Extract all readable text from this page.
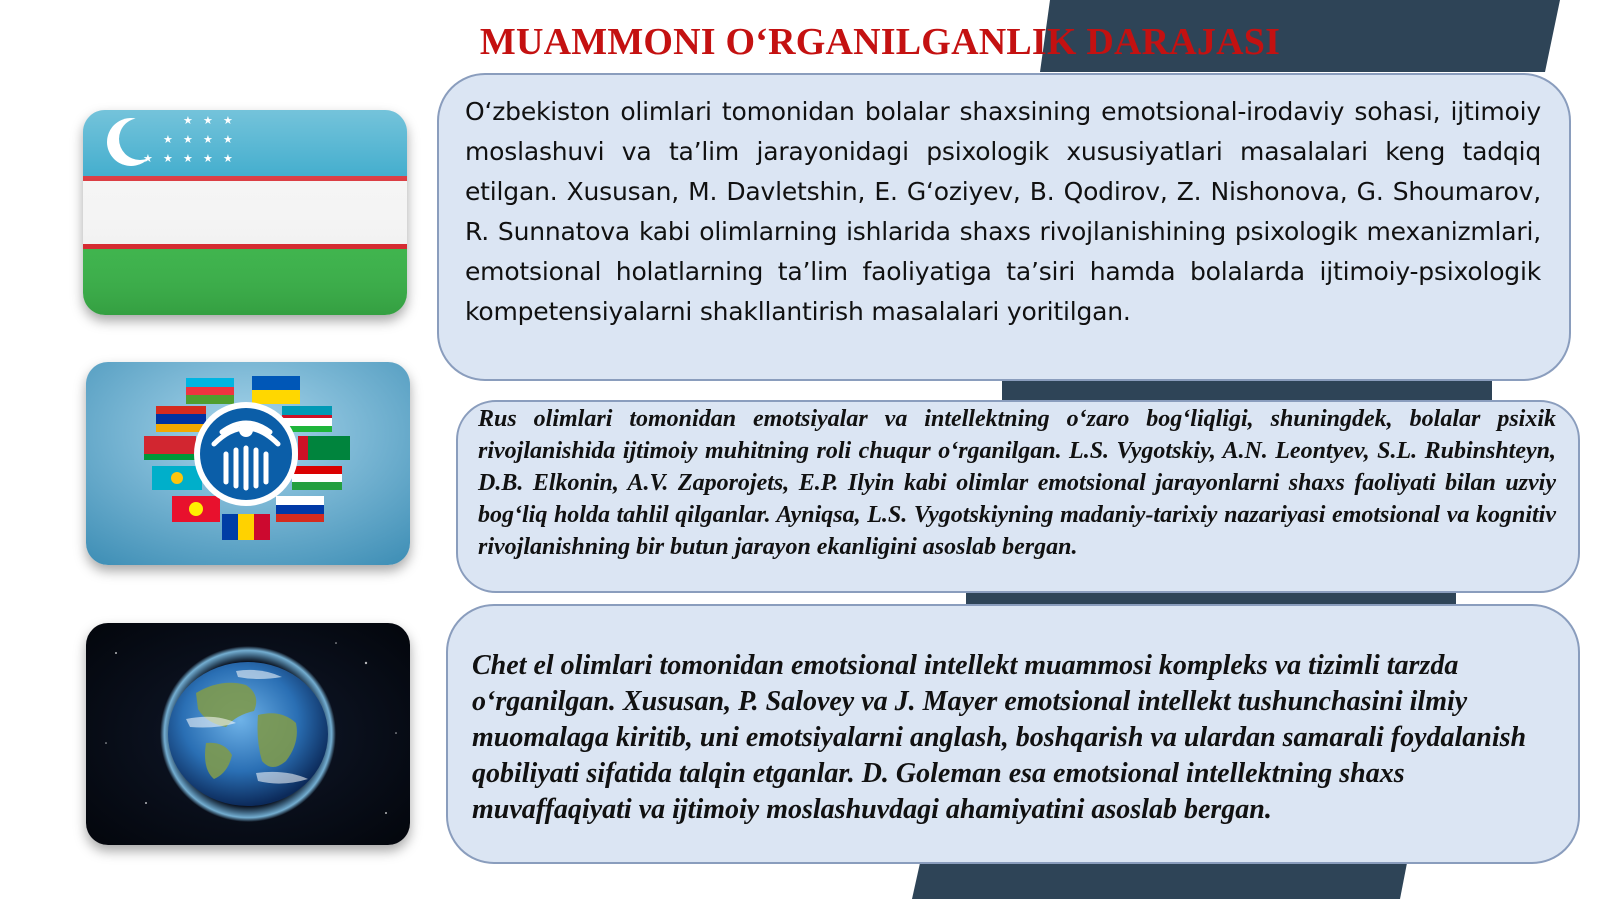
MUAMMONI O‘RGANILGANLIK DARAJASI

O‘zbekiston olimlari tomonidan bolalar shaxsining emotsional-irodaviy sohasi, ijtimoiy moslashuvi va ta’lim jarayonidagi psixologik xususiyatlari masalalari keng tadqiq etilgan. Xususan, M. Davletshin, E. G‘oziyev, B. Qodirov, Z. Nishonova, G. Shoumarov, R. Sunnatova kabi olimlarning ishlarida shaxs rivojlanishining psixologik mexanizmlari, emotsional holatlarning ta’lim faoliyatiga ta’siri hamda bolalarda ijtimoiy-psixologik kompetensiyalarni shakllantirish masalalari yoritilgan.

Rus olimlari tomonidan emotsiyalar va intellektning o‘zaro bog‘liqligi, shuningdek, bolalar psixik rivojlanishida ijtimoiy muhitning roli chuqur o‘rganilgan. L.S. Vygotskiy, A.N. Leontyev, S.L. Rubinshteyn, D.B. Elkonin, A.V. Zaporojets, E.P. Ilyin kabi olimlar emotsional jarayonlarni shaxs faoliyati bilan uzviy bog‘liq holda tahlil qilganlar. Ayniqsa, L.S. Vygotskiyning madaniy-tarixiy nazariyasi emotsional va kognitiv rivojlanishning bir butun jarayon ekanligini asoslab bergan.

Chet el olimlari tomonidan emotsional intellekt muammosi kompleks va tizimli tarzda o‘rganilgan. Xususan, P. Salovey va J. Mayer emotsional intellekt tushunchasini ilmiy muomalaga kiritib, uni emotsiyalarni anglash, boshqarish va ulardan samarali foydalanish qobiliyati sifatida talqin etganlar. D. Goleman esa emotsional intellektning shaxs muvaffaqiyati va ijtimoiy moslashuvdagi ahamiyatini asoslab bergan.
